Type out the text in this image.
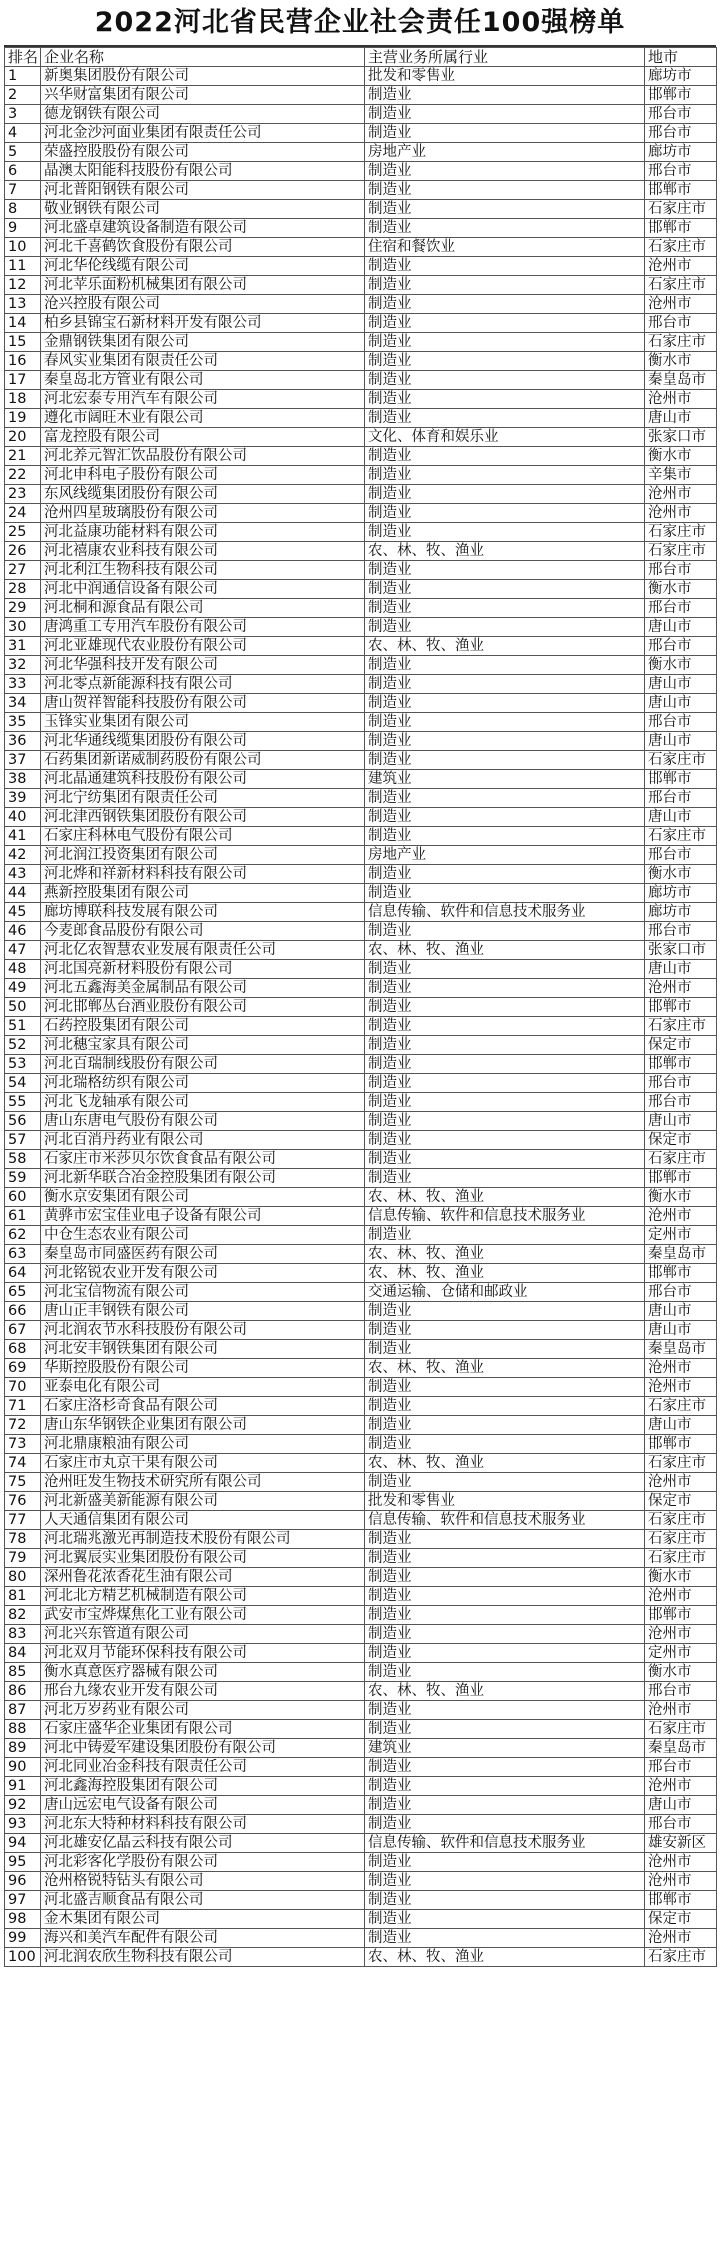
2022河北省民营企业社会责任100强榜单
排名	企业名称	主营业务所属行业	地市
1	新奥集团股份有限公司	批发和零售业	廊坊市
2	兴华财富集团有限公司	制造业	邯郸市
3	德龙钢铁有限公司	制造业	邢台市
4	河北金沙河面业集团有限责任公司	制造业	邢台市
5	荣盛控股股份有限公司	房地产业	廊坊市
6	晶澳太阳能科技股份有限公司	制造业	邢台市
7	河北普阳钢铁有限公司	制造业	邯郸市
8	敬业钢铁有限公司	制造业	石家庄市
9	河北盛卓建筑设备制造有限公司	制造业	邯郸市
10	河北千喜鹤饮食股份有限公司	住宿和餐饮业	石家庄市
11	河北华伦线缆有限公司	制造业	沧州市
12	河北苹乐面粉机械集团有限公司	制造业	石家庄市
13	沧兴控股有限公司	制造业	沧州市
14	柏乡县锦宝石新材料开发有限公司	制造业	邢台市
15	金鼎钢铁集团有限公司	制造业	石家庄市
16	春风实业集团有限责任公司	制造业	衡水市
17	秦皇岛北方管业有限公司	制造业	秦皇岛市
18	河北宏泰专用汽车有限公司	制造业	沧州市
19	遵化市阔旺木业有限公司	制造业	唐山市
20	富龙控股有限公司	文化、体育和娱乐业	张家口市
21	河北养元智汇饮品股份有限公司	制造业	衡水市
22	河北申科电子股份有限公司	制造业	辛集市
23	东风线缆集团股份有限公司	制造业	沧州市
24	沧州四星玻璃股份有限公司	制造业	沧州市
25	河北益康功能材料有限公司	制造业	石家庄市
26	河北禧康农业科技有限公司	农、林、牧、渔业	石家庄市
27	河北利江生物科技有限公司	制造业	邢台市
28	河北中润通信设备有限公司	制造业	衡水市
29	河北桐和源食品有限公司	制造业	邢台市
30	唐鸿重工专用汽车股份有限公司	制造业	唐山市
31	河北亚雄现代农业股份有限公司	农、林、牧、渔业	邢台市
32	河北华强科技开发有限公司	制造业	衡水市
33	河北零点新能源科技有限公司	制造业	唐山市
34	唐山贺祥智能科技股份有限公司	制造业	唐山市
35	玉锋实业集团有限公司	制造业	邢台市
36	河北华通线缆集团股份有限公司	制造业	唐山市
37	石药集团新诺威制药股份有限公司	制造业	石家庄市
38	河北晶通建筑科技股份有限公司	建筑业	邯郸市
39	河北宁纺集团有限责任公司	制造业	邢台市
40	河北津西钢铁集团股份有限公司	制造业	唐山市
41	石家庄科林电气股份有限公司	制造业	石家庄市
42	河北润江投资集团有限公司	房地产业	邢台市
43	河北烨和祥新材料科技有限公司	制造业	衡水市
44	燕新控股集团有限公司	制造业	廊坊市
45	廊坊博联科技发展有限公司	信息传输、软件和信息技术服务业	廊坊市
46	今麦郎食品股份有限公司	制造业	邢台市
47	河北亿农智慧农业发展有限责任公司	农、林、牧、渔业	张家口市
48	河北国亮新材料股份有限公司	制造业	唐山市
49	河北五鑫海美金属制品有限公司	制造业	沧州市
50	河北邯郸丛台酒业股份有限公司	制造业	邯郸市
51	石药控股集团有限公司	制造业	石家庄市
52	河北穗宝家具有限公司	制造业	保定市
53	河北百瑞制线股份有限公司	制造业	邯郸市
54	河北瑞格纺织有限公司	制造业	邢台市
55	河北飞龙轴承有限公司	制造业	邢台市
56	唐山东唐电气股份有限公司	制造业	唐山市
57	河北百消丹药业有限公司	制造业	保定市
58	石家庄市米莎贝尔饮食食品有限公司	制造业	石家庄市
59	河北新华联合冶金控股集团有限公司	制造业	邯郸市
60	衡水京安集团有限公司	农、林、牧、渔业	衡水市
61	黄骅市宏宝佳业电子设备有限公司	信息传输、软件和信息技术服务业	沧州市
62	中仓生态农业有限公司	制造业	定州市
63	秦皇岛市同盛医药有限公司	农、林、牧、渔业	秦皇岛市
64	河北铭锐农业开发有限公司	农、林、牧、渔业	邯郸市
65	河北宝信物流有限公司	交通运输、仓储和邮政业	邢台市
66	唐山正丰钢铁有限公司	制造业	唐山市
67	河北润农节水科技股份有限公司	制造业	唐山市
68	河北安丰钢铁集团有限公司	制造业	秦皇岛市
69	华斯控股股份有限公司	农、林、牧、渔业	沧州市
70	亚泰电化有限公司	制造业	沧州市
71	石家庄洛杉奇食品有限公司	制造业	石家庄市
72	唐山东华钢铁企业集团有限公司	制造业	唐山市
73	河北鼎康粮油有限公司	制造业	邯郸市
74	石家庄市丸京干果有限公司	农、林、牧、渔业	石家庄市
75	沧州旺发生物技术研究所有限公司	制造业	沧州市
76	河北新盛美新能源有限公司	批发和零售业	保定市
77	人天通信集团有限公司	信息传输、软件和信息技术服务业	石家庄市
78	河北瑞兆激光再制造技术股份有限公司	制造业	石家庄市
79	河北翼辰实业集团股份有限公司	制造业	石家庄市
80	深州鲁花浓香花生油有限公司	制造业	衡水市
81	河北北方精艺机械制造有限公司	制造业	沧州市
82	武安市宝烨煤焦化工业有限公司	制造业	邯郸市
83	河北兴东管道有限公司	制造业	沧州市
84	河北双月节能环保科技有限公司	制造业	定州市
85	衡水真意医疗器械有限公司	制造业	衡水市
86	邢台九缘农业开发有限公司	农、林、牧、渔业	邢台市
87	河北万岁药业有限公司	制造业	沧州市
88	石家庄盛华企业集团有限公司	制造业	石家庄市
89	河北中铸爱军建设集团股份有限公司	建筑业	秦皇岛市
90	河北同业冶金科技有限责任公司	制造业	邢台市
91	河北鑫海控股集团有限公司	制造业	沧州市
92	唐山远宏电气设备有限公司	制造业	唐山市
93	河北东大特种材料科技有限公司	制造业	邢台市
94	河北雄安亿晶云科技有限公司	信息传输、软件和信息技术服务业	雄安新区
95	河北彩客化学股份有限公司	制造业	沧州市
96	沧州格锐特钻头有限公司	制造业	沧州市
97	河北盛吉顺食品有限公司	制造业	邯郸市
98	金木集团有限公司	制造业	保定市
99	海兴和美汽车配件有限公司	制造业	沧州市
100	河北润农欣生物科技有限公司	农、林、牧、渔业	石家庄市
